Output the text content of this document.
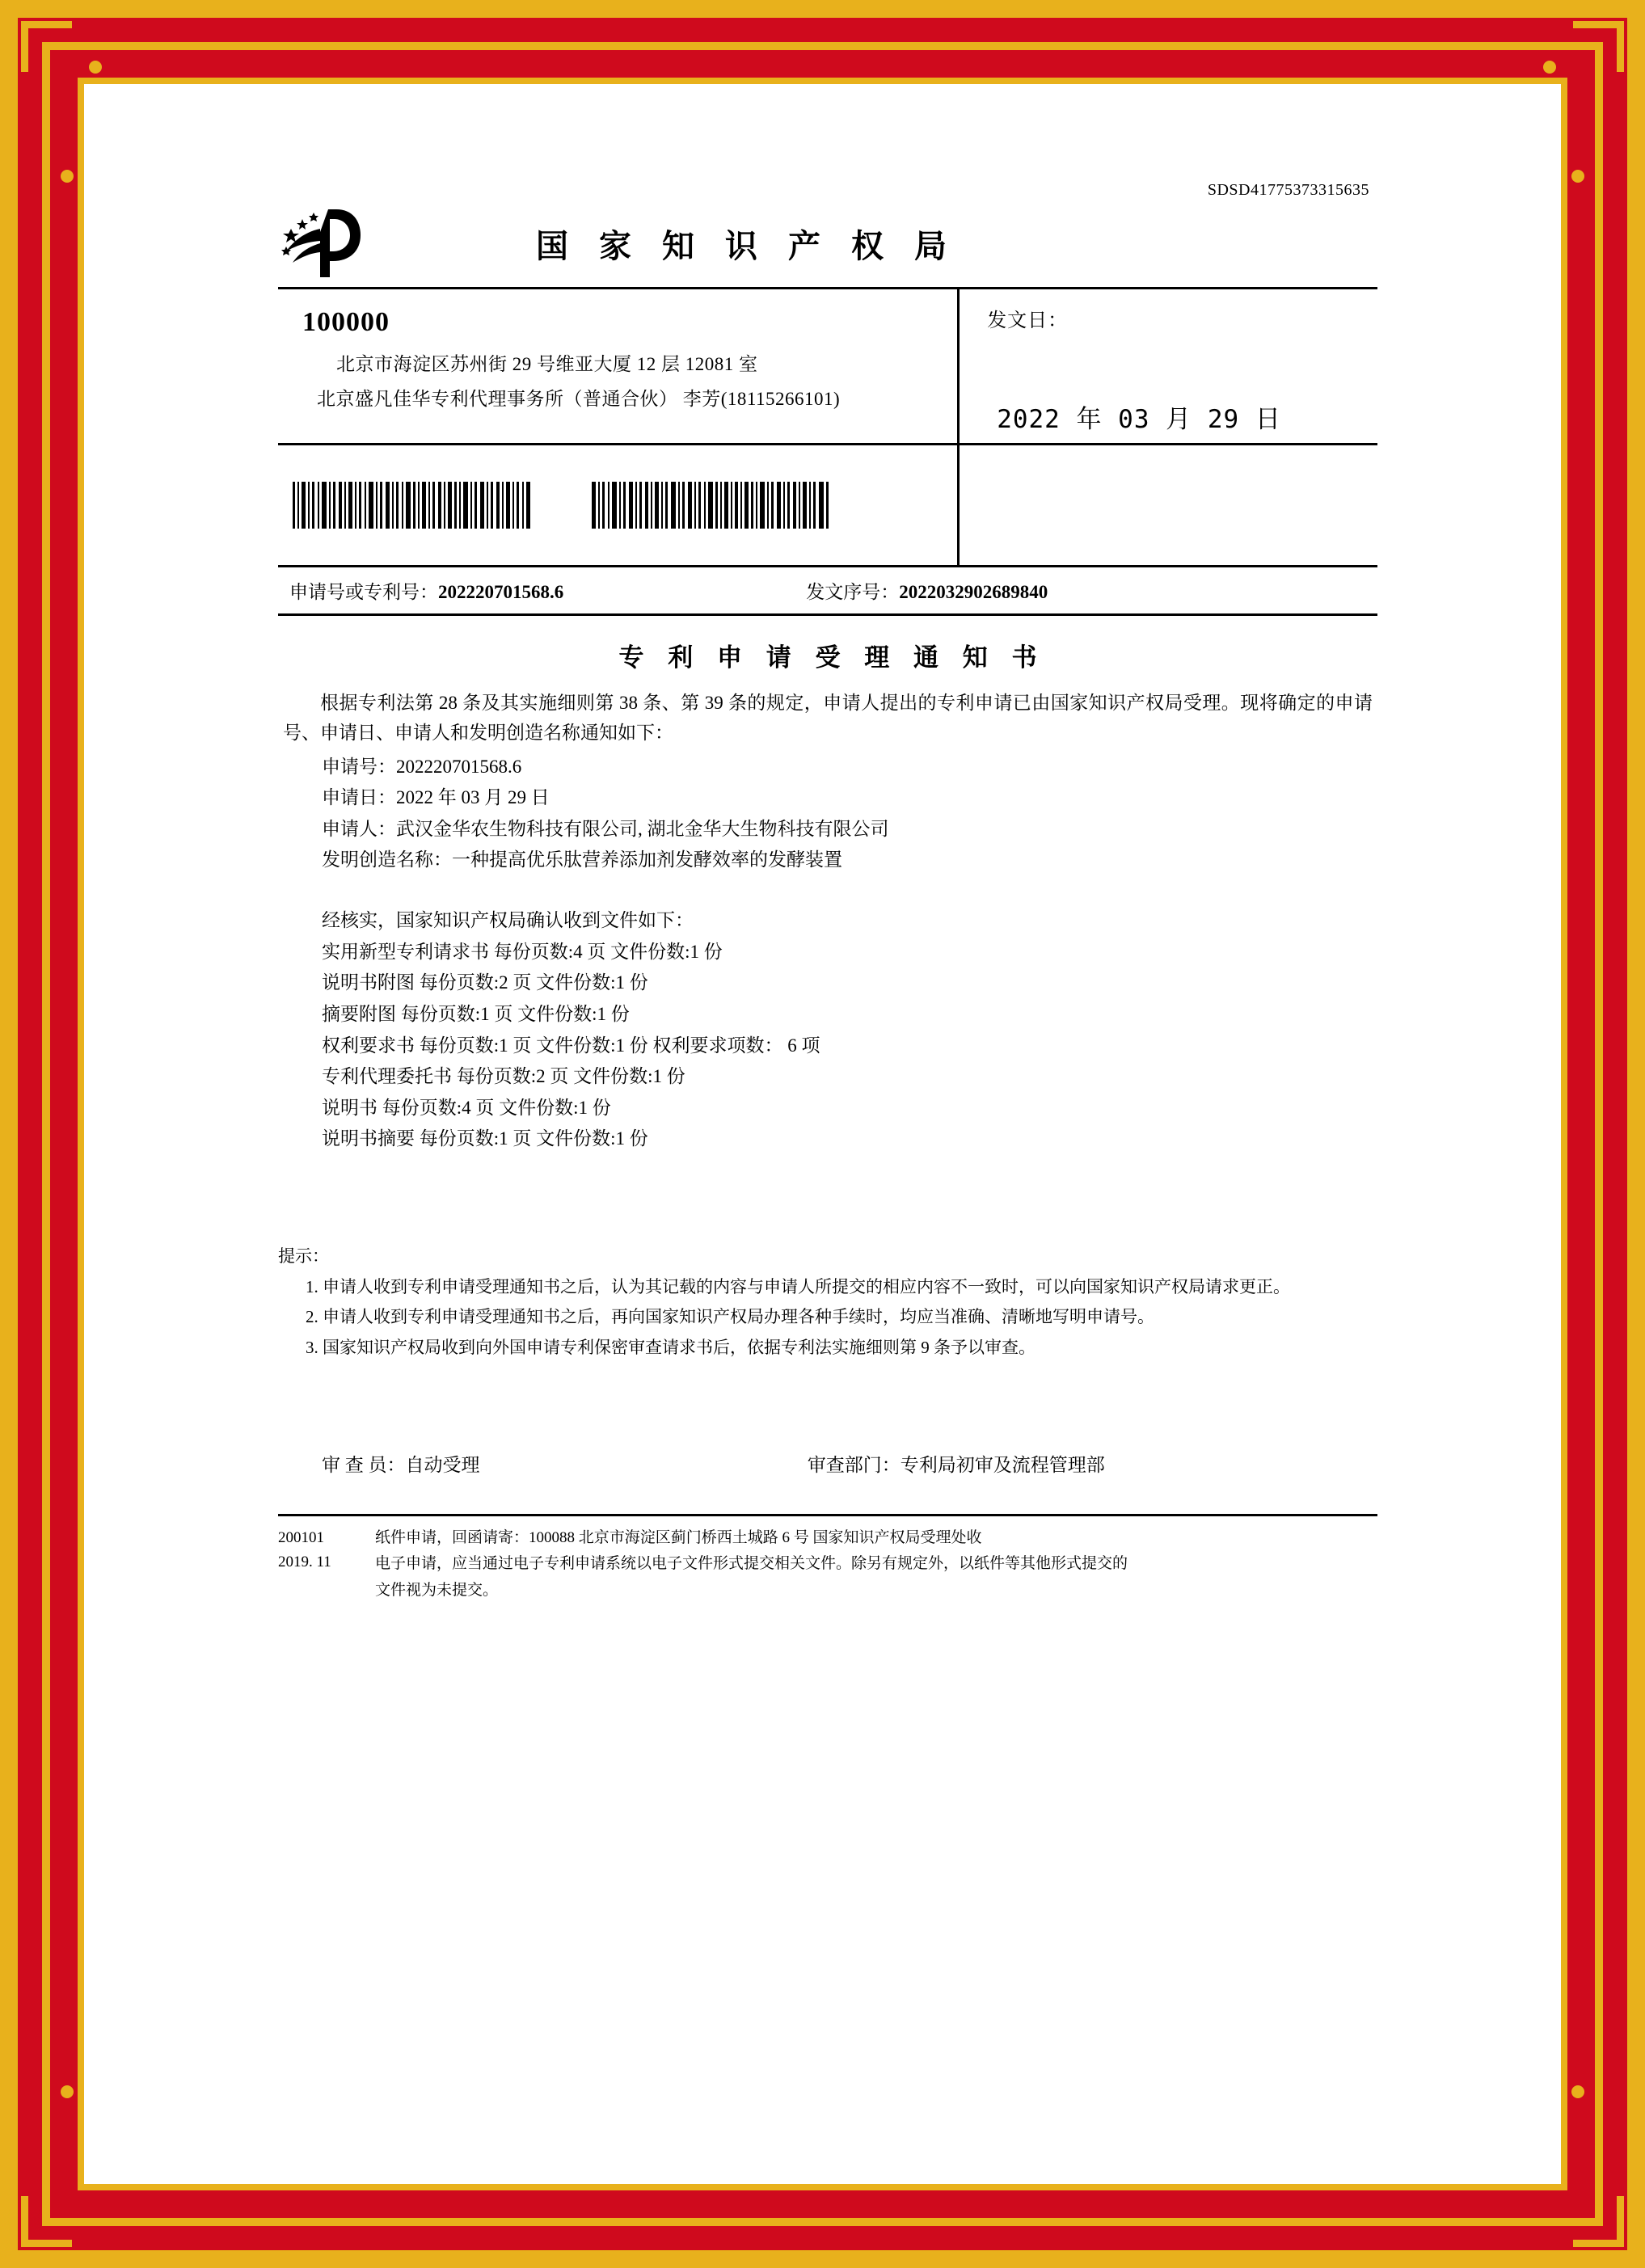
SDSD41775373315635
国 家 知 识 产 权 局
100000
北京市海淀区苏州街 29 号维亚大厦 12 层 12081 室
北京盛凡佳华专利代理事务所（普通合伙） 李芳(18115266101)
发文日：
2022 年 03 月 29 日
申请号或专利号：202220701568.6	发文序号：2022032902689840
专 利 申 请 受 理 通 知 书
根据专利法第 28 条及其实施细则第 38 条、第 39 条的规定，申请人提出的专利申请已由国家知识产权局受理。现将确定的申请号、申请日、申请人和发明创造名称通知如下：
申请号：202220701568.6
申请日：2022 年 03 月 29 日
申请人：武汉金华农生物科技有限公司, 湖北金华大生物科技有限公司
发明创造名称：一种提高优乐肽营养添加剂发酵效率的发酵装置
经核实，国家知识产权局确认收到文件如下：
实用新型专利请求书 每份页数:4 页 文件份数:1 份
说明书附图 每份页数:2 页 文件份数:1 份
摘要附图 每份页数:1 页 文件份数:1 份
权利要求书 每份页数:1 页 文件份数:1 份 权利要求项数： 6 项
专利代理委托书 每份页数:2 页 文件份数:1 份
说明书 每份页数:4 页 文件份数:1 份
说明书摘要 每份页数:1 页 文件份数:1 份
提示：
1. 申请人收到专利申请受理通知书之后，认为其记载的内容与申请人所提交的相应内容不一致时，可以向国家知识产权局请求更正。
2. 申请人收到专利申请受理通知书之后，再向国家知识产权局办理各种手续时，均应当准确、清晰地写明申请号。
3. 国家知识产权局收到向外国申请专利保密审查请求书后，依据专利法实施细则第 9 条予以审查。
审 查 员：自动受理	审查部门：专利局初审及流程管理部
200101
2019. 11
纸件申请，回函请寄：100088 北京市海淀区蓟门桥西土城路 6 号 国家知识产权局受理处收
电子申请，应当通过电子专利申请系统以电子文件形式提交相关文件。除另有规定外，以纸件等其他形式提交的
文件视为未提交。
